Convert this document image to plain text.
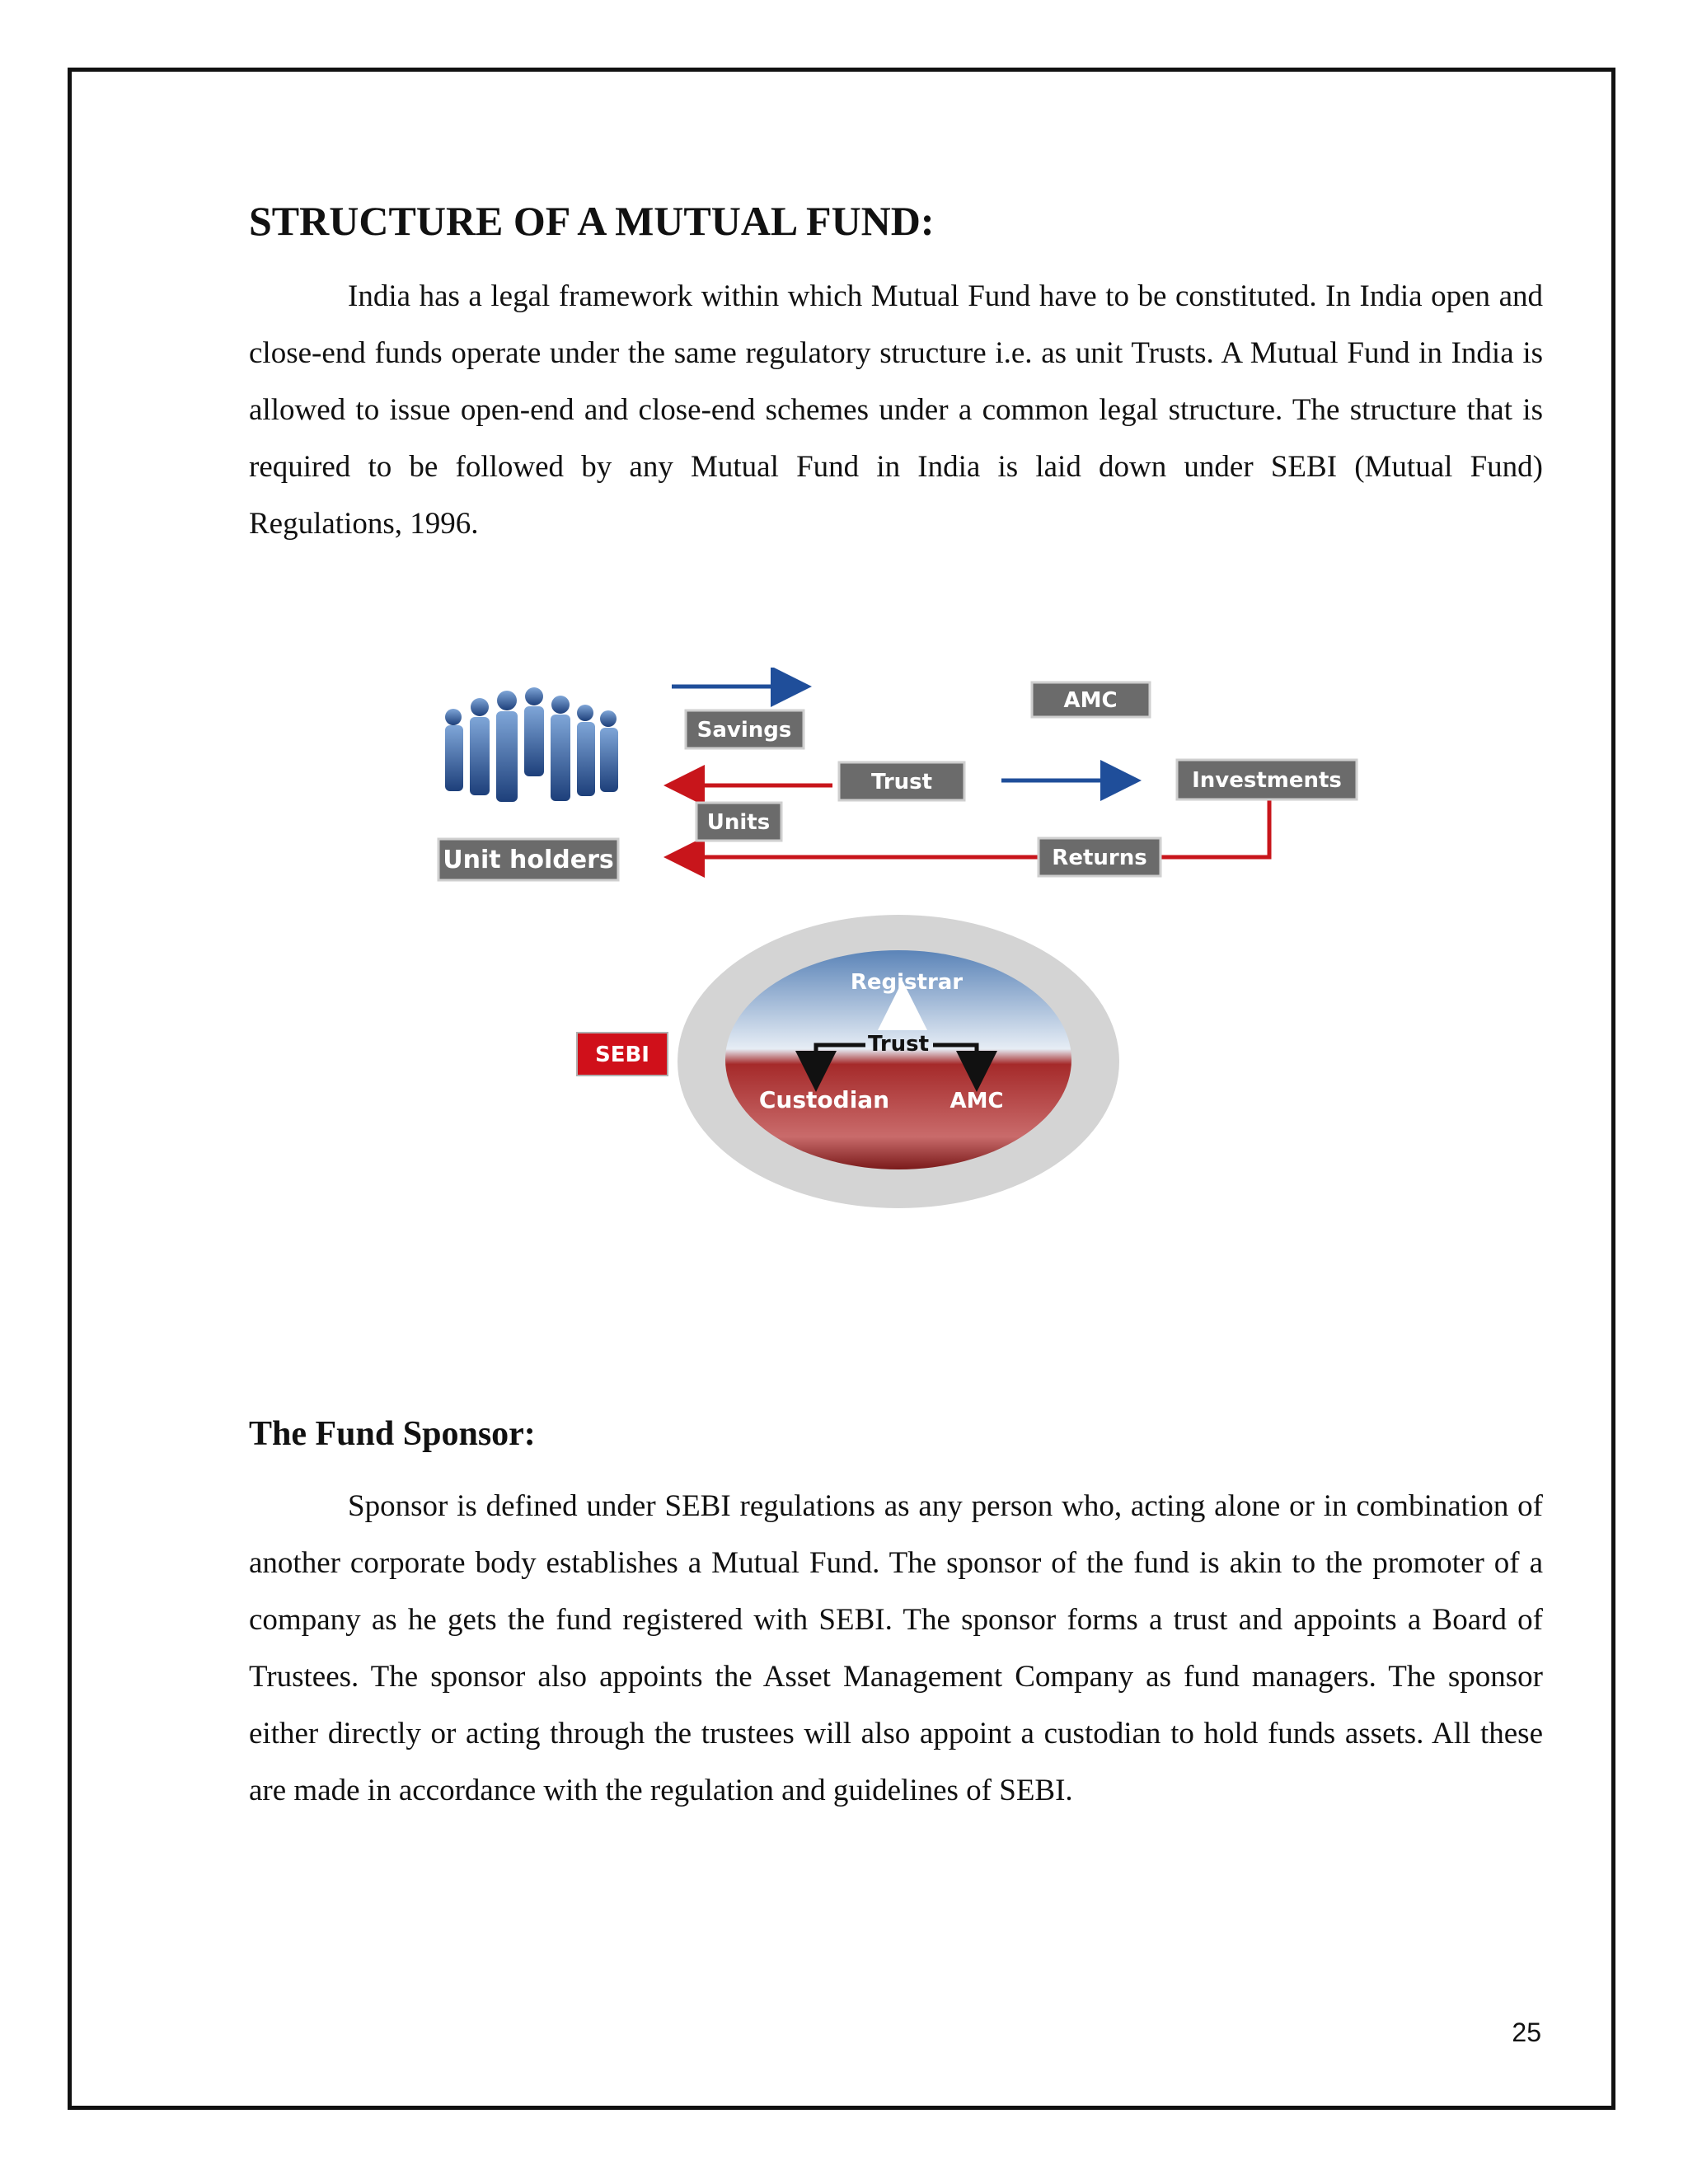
STRUCTURE OF A MUTUAL FUND:

India has a legal framework within which Mutual Fund have to be constituted. In India open and close-end funds operate under the same regulatory structure i.e. as unit Trusts. A Mutual Fund in India is allowed to issue open-end and close-end schemes under a common legal structure. The structure that is required to be followed by any Mutual Fund in India is laid down under SEBI (Mutual Fund) Regulations, 1996.

Savings
AMC
Trust	Investments
Units
Unit holders	Returns
SEBI
Registrar
Trust
Custodian	AMC
The Fund Sponsor:

Sponsor is defined under SEBI regulations as any person who, acting alone or in combination of another corporate body establishes a Mutual Fund. The sponsor of the fund is akin to the promoter of a company as he gets the fund registered with SEBI. The sponsor forms a trust and appoints a Board of Trustees. The sponsor also appoints the Asset Management Company as fund managers. The sponsor either directly or acting through the trustees will also appoint a custodian to hold funds assets. All these are made in accordance with the regulation and guidelines of SEBI.

25
